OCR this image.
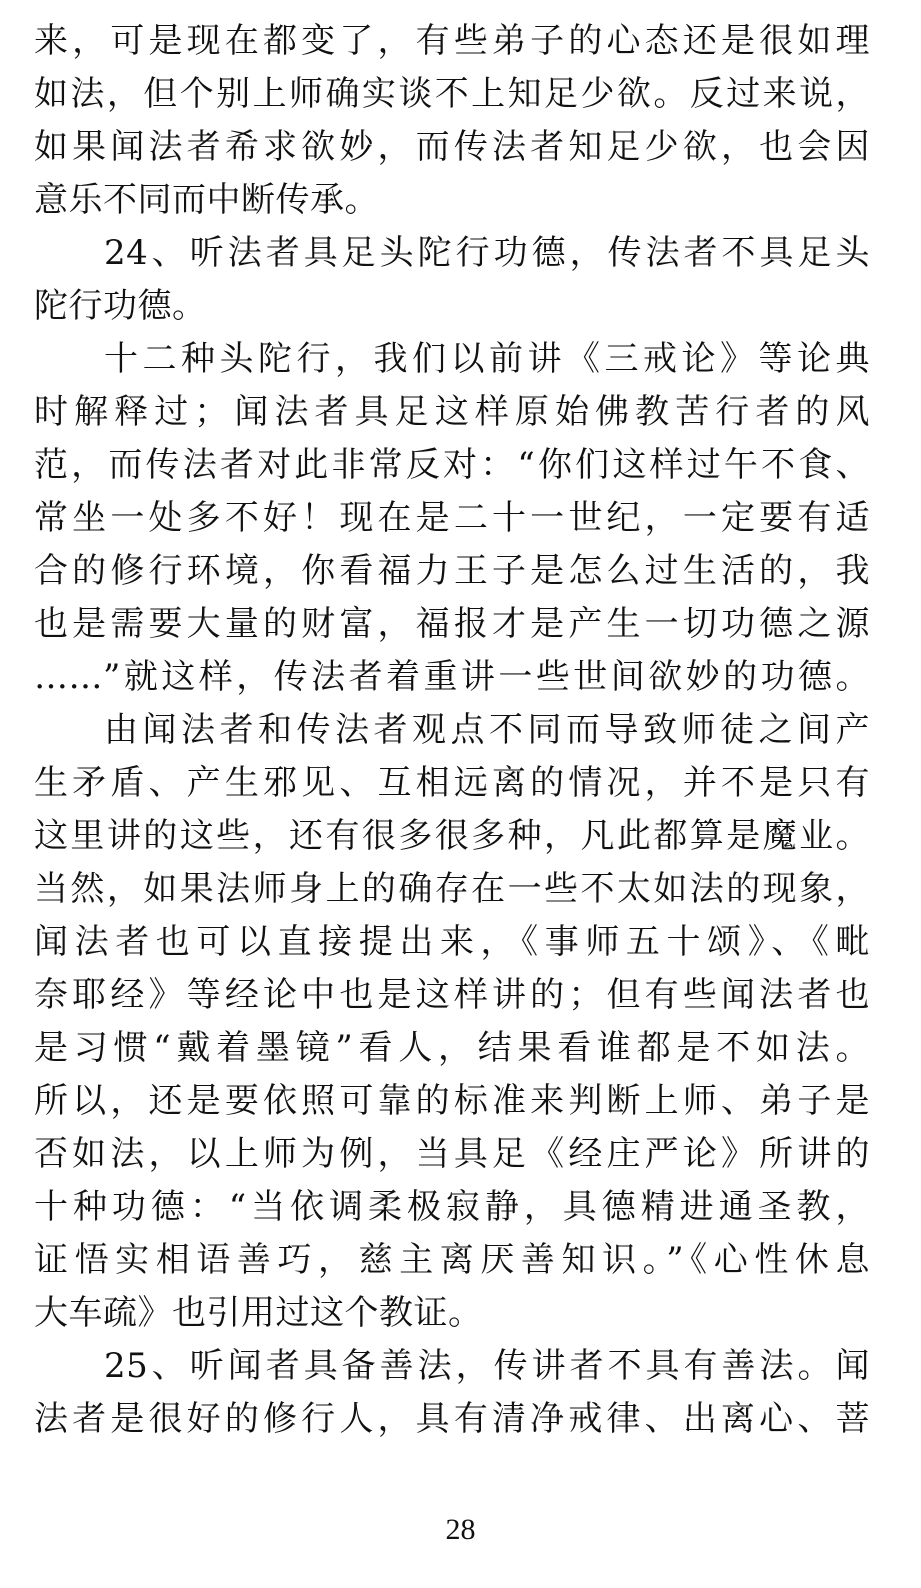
来，可是现在都变了，有些弟子的心态还是很如理
如法，但个别上师确实谈不上知足少欲。反过来说，
如果闻法者希求欲妙，而传法者知足少欲，也会因
意乐不同而中断传承。
24、听法者具足头陀行功德，传法者不具足头
陀行功德。
十二种头陀行，我们以前讲《三戒论》等论典
时解释过；闻法者具足这样原始佛教苦行者的风
范，而传法者对此非常反对：“你们这样过午不食、
常坐一处多不好！现在是二十一世纪，一定要有适
合的修行环境，你看福力王子是怎么过生活的，我
也是需要大量的财富，福报才是产生一切功德之源
……”就这样，传法者着重讲一些世间欲妙的功德。
由闻法者和传法者观点不同而导致师徒之间产
生矛盾、产生邪见、互相远离的情况，并不是只有
这里讲的这些，还有很多很多种，凡此都算是魔业。
当然，如果法师身上的确存在一些不太如法的现象，
闻法者也可以直接提出来，《事师五十颂》、《毗
奈耶经》等经论中也是这样讲的；但有些闻法者也
是习惯“戴着墨镜”看人，结果看谁都是不如法。
所以，还是要依照可靠的标准来判断上师、弟子是
否如法，以上师为例，当具足《经庄严论》所讲的
十种功德：“当依调柔极寂静，具德精进通圣教，
证悟实相语善巧，慈主离厌善知识。”《心性休息
大车疏》也引用过这个教证。
25、听闻者具备善法，传讲者不具有善法。闻
法者是很好的修行人，具有清净戒律、出离心、菩
28
